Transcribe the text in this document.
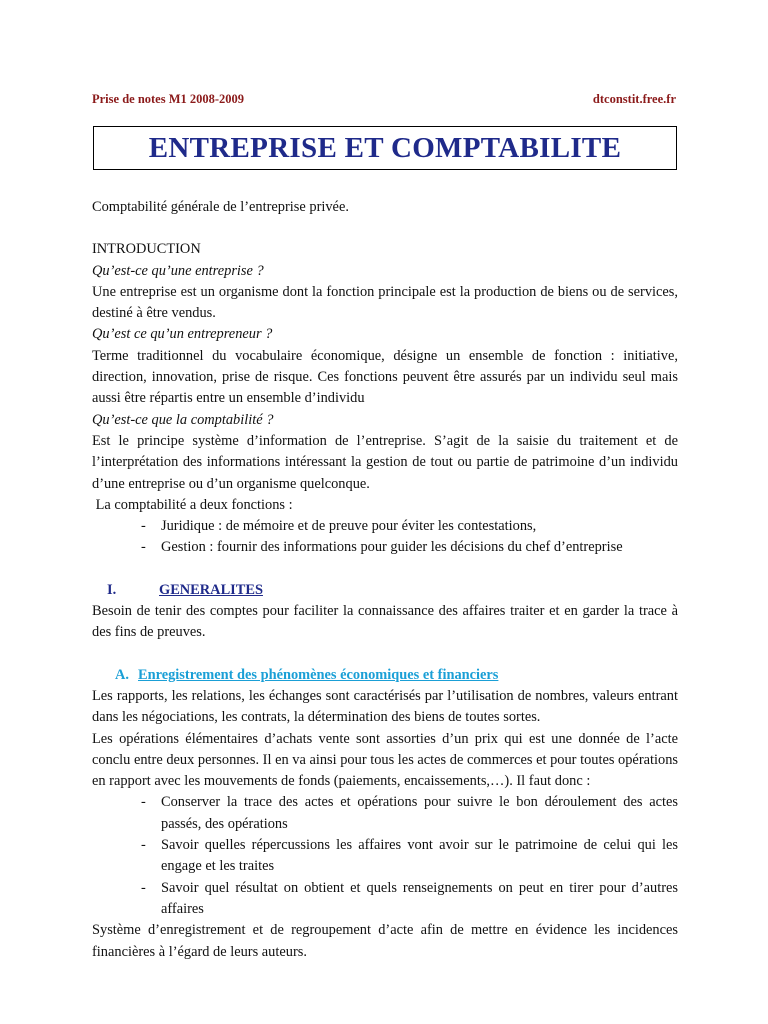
Prise de notes M1 2008-2009	dtconstit.free.fr
ENTREPRISE ET COMPTABILITE

Comptabilité générale de l’entreprise privée.

INTRODUCTION

Qu’est-ce qu’une entreprise ?

Une entreprise est un organisme dont la fonction principale est la production de biens ou de services, destiné à être vendus.

Qu’est ce qu’un entrepreneur ?

Terme traditionnel du vocabulaire économique, désigne un ensemble de fonction : initiative, direction, innovation, prise de risque. Ces fonctions peuvent être assurés par un individu seul mais aussi être répartis entre un ensemble d’individu

Qu’est-ce que la comptabilité ?

Est le principe système d’information de l’entreprise. S’agit de la saisie du traitement et de l’interprétation des informations intéressant la gestion de tout ou partie de patrimoine d’un individu d’une entreprise ou d’un organisme quelconque.

La comptabilité a deux fonctions :

- Juridique : de mémoire et de preuve pour éviter les contestations,
- Gestion : fournir des informations pour guider les décisions du chef d’entreprise
I.	GENERALITES

Besoin de tenir des comptes pour faciliter la connaissance des affaires traiter et en garder la trace à des fins de preuves.

A. Enregistrement des phénomènes économiques et financiers

Les rapports, les relations, les échanges sont caractérisés par l’utilisation de nombres, valeurs entrant dans les négociations, les contrats, la détermination des biens de toutes sortes.

Les opérations élémentaires d’achats vente sont assorties d’un prix qui est une donnée de l’acte conclu entre deux personnes. Il en va ainsi pour tous les actes de commerces et pour toutes opérations en rapport avec les mouvements de fonds (paiements, encaissements,…). Il faut donc :

- Conserver la trace des actes et opérations pour suivre le bon déroulement des actes passés, des opérations
- Savoir quelles répercussions les affaires vont avoir sur le patrimoine de celui qui les engage et les traites
- Savoir quel résultat on obtient et quels renseignements on peut en tirer pour d’autres affaires

Système d’enregistrement et de regroupement d’acte afin de mettre en évidence les incidences financières à l’égard de leurs auteurs.
